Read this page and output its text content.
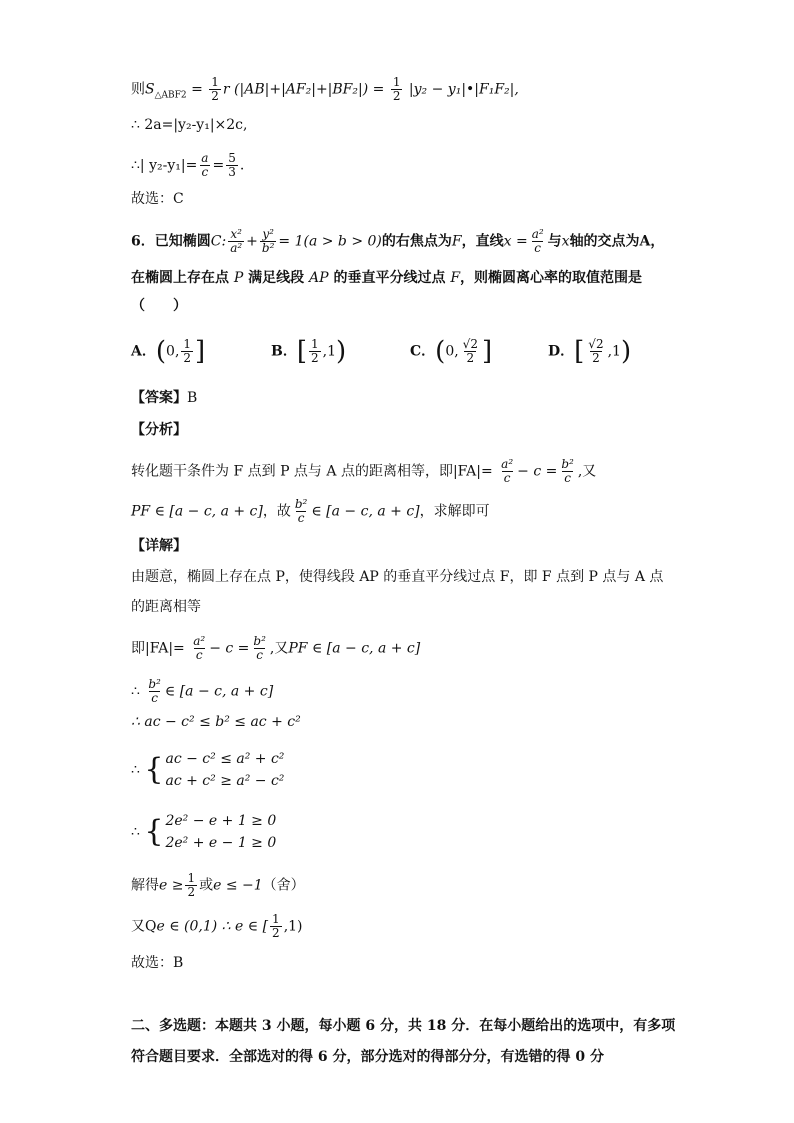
则$S_{\triangle ABF2} = \frac{1}{2}$ r $(|AB|+|AF_2|+|BF_2|) = \frac{1}{2} |y_2$ − y₁|•|F₁F₂|,
∴ 2a=|y₂-y₁|×2c,
∴| $y_2-y_1|= \frac{a}{c} = \frac{5}{3}$ .
故选：C
6．已知椭圆C: $\frac{\text{x²}}{\text{a²}} + \frac{\text{y²}}{\text{b²}} = 1(a > b > 0)$的右焦点为F，直线$x = \frac{\text{a²}}{c}$ 与x轴的交点为A，
在椭圆上存在点 P 满足线段 AP 的垂直平分线过点 F，则椭圆离心率的取值范围是
（　　）
A．(0, $\frac{1}{2}$ ]	B．[ $\frac{1}{2} ,1$)	C．(0, $\frac{√2}{2}$ ]	D．[ $\frac{√2}{2} ,1$)
【答案】B
【分析】
转化题干条件为 F 点到 P 点与 A 点的距离相等，即$|FA|= \frac{\text{a²}}{c} - c = \frac{\text{b²}}{c}$ ,又
PF ∈ [a − c, a + c]，故 $\frac{\text{b²}}{c}$ ∈ [a − c, a + c]，求解即可
【详解】
由题意，椭圆上存在点 P，使得线段 AP 的垂直平分线过点 F，即 F 点到 P 点与 A 点
的距离相等
即$|FA|= \frac{\text{a²}}{c} - c = \frac{\text{b²}}{c}$ ,又PF ∈ [a − c, a + c]
∴ $\frac{\text{b²}}{c}$ ∈ [a − c, a + c]
∴ ac − c² ≤ b² ≤ ac + c²
∴ { ac − c² ≤ a² + c²
ac + c² ≥ a² − c²
∴ { 2e² − e + 1 ≥ 0
2e² + e − 1 ≥ 0
解得$e \ge \frac{1}{2}$ 或e ≤ −1（舍）
又Qe ∈ (0,1) ∴ e ∈ [ $\frac{1}{2} ,1$)
故选：B
二、多选题：本题共 3 小题，每小题 6 分，共 18 分．在每小题给出的选项中，有多项
符合题目要求．全部选对的得 6 分，部分选对的得部分分，有选错的得 0 分
